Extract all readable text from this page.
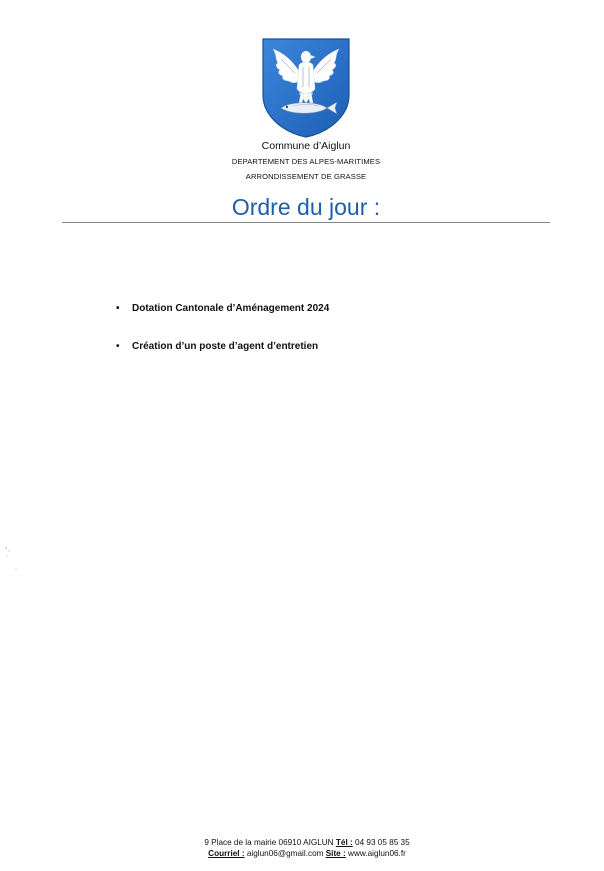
Commune d’Aiglun
DEPARTEMENT DES ALPES-MARITIMES
ARRONDISSEMENT DE GRASSE
Ordre du jour :
• Dotation Cantonale d’Aménagement 2024
• Création d’un poste d’agent d’entretien
9 Place de la mairie 06910 AIGLUN Tél : 04 93 05 85 35
Courriel : aiglun06@gmail.com Site : www.aiglun06.fr
